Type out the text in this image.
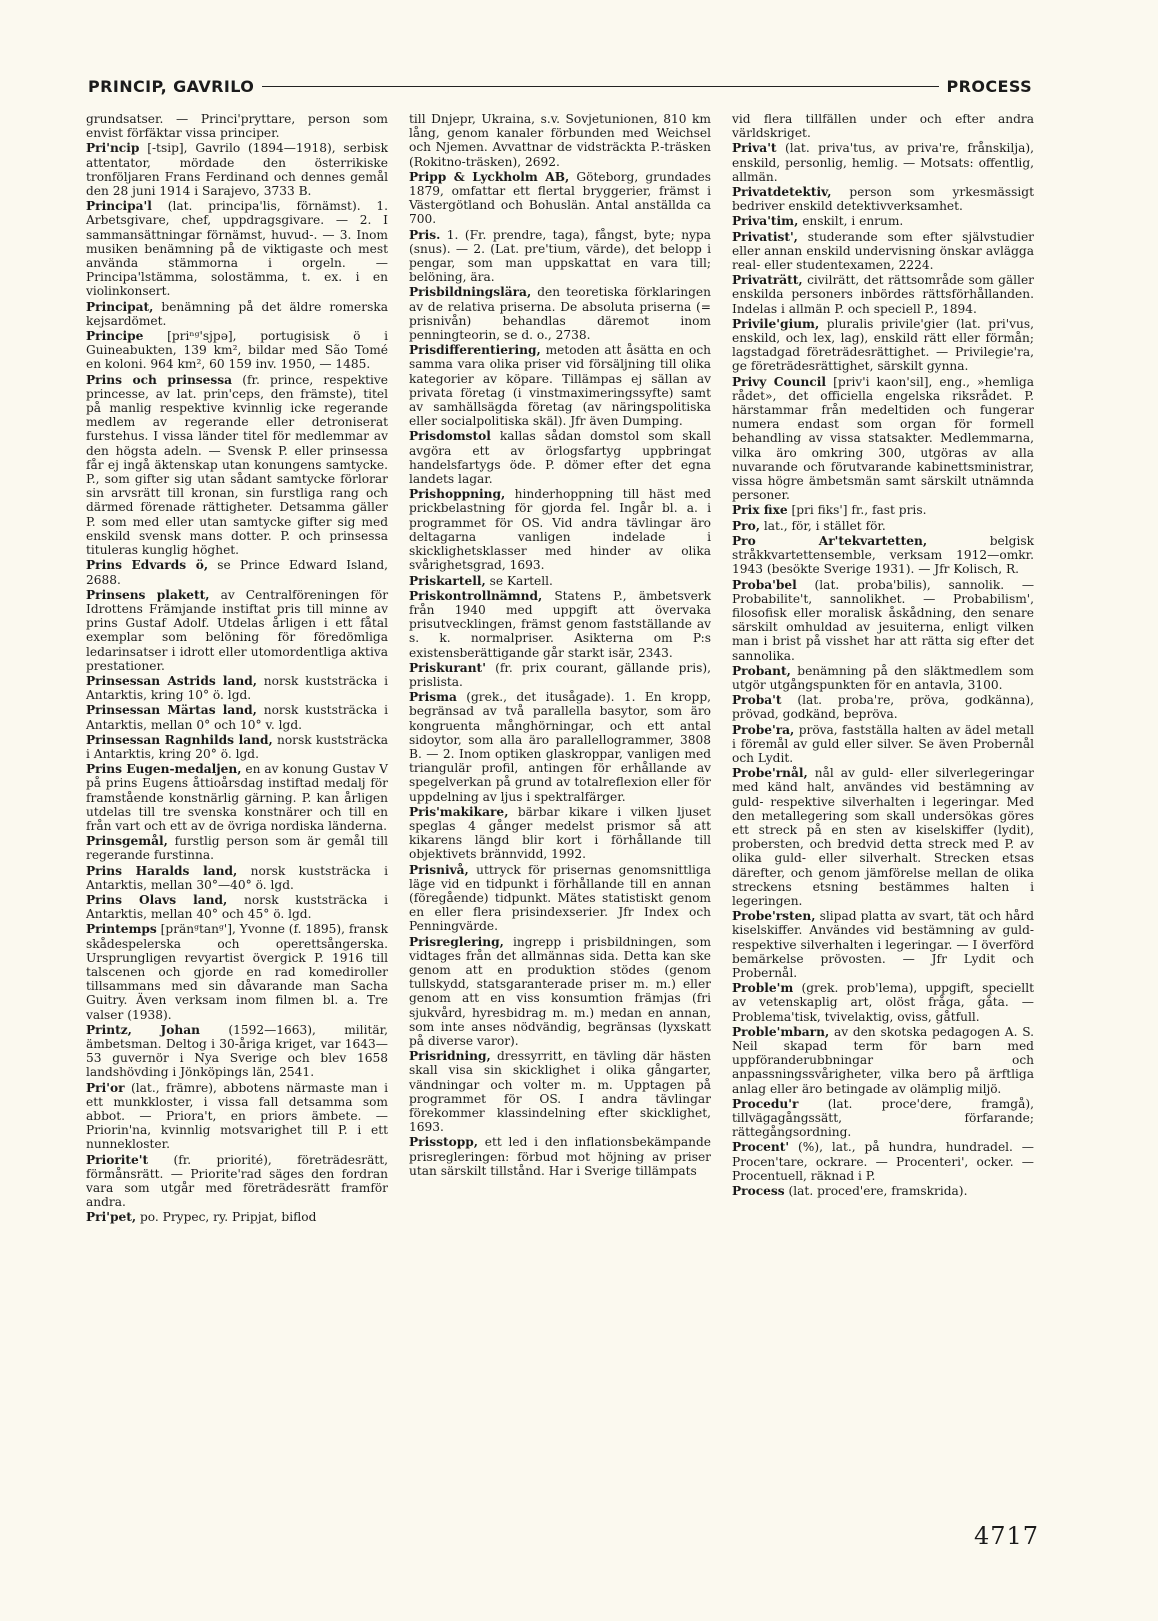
PRINCIP, GAVRILO	PROCESS

grundsatser. — Princi'pryttare, person som envist förfäktar vissa principer.

Pri'ncip [-tsip], Gavrilo (1894—1918), serbisk attentator, mördade den österrikiske tronföljaren Frans Ferdinand och dennes gemål den 28 juni 1914 i Sarajevo, 3733 B.

Principa'l (lat. principa'lis, förnämst). 1. Arbetsgivare, chef, uppdragsgivare. — 2. I sammansättningar förnämst, huvud-. — 3. Inom musiken benämning på de viktigaste och mest använda stämmorna i orgeln. — Principa'lstämma, solostämma, t. ex. i en violinkonsert.

Principat, benämning på det äldre romerska kejsardömet.

Principe [priⁿᵍ'sjpə], portugisisk ö i Guineabukten, 139 km², bildar med São Tomé en koloni. 964 km², 60 159 inv. 1950, — 1485.

Prins och prinsessa (fr. prince, respektive princesse, av lat. prin'ceps, den främste), titel på manlig respektive kvinnlig icke regerande medlem av regerande eller detroniserat furstehus. I vissa länder titel för medlemmar av den högsta adeln. — Svensk P. eller prinsessa får ej ingå äktenskap utan konungens samtycke. P., som gifter sig utan sådant samtycke förlorar sin arvsrätt till kronan, sin furstliga rang och därmed förenade rättigheter. Detsamma gäller P. som med eller utan samtycke gifter sig med enskild svensk mans dotter. P. och prinsessa tituleras kunglig höghet.

Prins Edvards ö, se Prince Edward Island, 2688.

Prinsens plakett, av Centralföreningen för Idrottens Främjande instiftat pris till minne av prins Gustaf Adolf. Utdelas årligen i ett fåtal exemplar som belöning för föredömliga ledarinsatser i idrott eller utomordentliga aktiva prestationer.

Prinsessan Astrids land, norsk kuststräcka i Antarktis, kring 10° ö. lgd.

Prinsessan Märtas land, norsk kuststräcka i Antarktis, mellan 0° och 10° v. lgd.

Prinsessan Ragnhilds land, norsk kuststräcka i Antarktis, kring 20° ö. lgd.

Prins Eugen-medaljen, en av konung Gustav V på prins Eugens åttioårsdag instiftad medalj för framstående konstnärlig gärning. P. kan årligen utdelas till tre svenska konstnärer och till en från vart och ett av de övriga nordiska länderna.

Prinsgemål, furstlig person som är gemål till regerande furstinna.

Prins Haralds land, norsk kuststräcka i Antarktis, mellan 30°—40° ö. lgd.

Prins Olavs land, norsk kuststräcka i Antarktis, mellan 40° och 45° ö. lgd.

Printemps [pränᵍtanᵍ'], Yvonne (f. 1895), fransk skådespelerska och operettsångerska. Ursprungligen revyartist övergick P. 1916 till talscenen och gjorde en rad komediroller tillsammans med sin dåvarande man Sacha Guitry. Även verksam inom filmen bl. a. Tre valser (1938).

Printz, Johan (1592—1663), militär, ämbetsman. Deltog i 30-åriga kriget, var 1643—53 guvernör i Nya Sverige och blev 1658 landshövding i Jönköpings län, 2541.

Pri'or (lat., främre), abbotens närmaste man i ett munkkloster, i vissa fall detsamma som abbot. — Priora't, en priors ämbete. — Priorin'na, kvinnlig motsvarighet till P. i ett nunnekloster.

Priorite't (fr. priorité), företrädesrätt, förmånsrätt. — Priorite'rad säges den fordran vara som utgår med företrädesrätt framför andra.

Pri'pet, po. Prypec, ry. Pripjat, biflod

till Dnjepr, Ukraina, s.v. Sovjetunionen, 810 km lång, genom kanaler förbunden med Weichsel och Njemen. Avvattnar de vidsträckta P.-träsken (Rokitno-träsken), 2692.

Pripp & Lyckholm AB, Göteborg, grundades 1879, omfattar ett flertal bryggerier, främst i Västergötland och Bohuslän. Antal anställda ca 700.

Pris. 1. (Fr. prendre, taga), fångst, byte; nypa (snus). — 2. (Lat. pre'tium, värde), det belopp i pengar, som man uppskattat en vara till; belöning, ära.

Prisbildningslära, den teoretiska förklaringen av de relativa priserna. De absoluta priserna (= prisnivån) behandlas däremot inom penningteorin, se d. o., 2738.

Prisdifferentiering, metoden att åsätta en och samma vara olika priser vid försäljning till olika kategorier av köpare. Tillämpas ej sällan av privata företag (i vinstmaximeringssyfte) samt av samhällsägda företag (av näringspolitiska eller socialpolitiska skäl). Jfr även Dumping.

Prisdomstol kallas sådan domstol som skall avgöra ett av örlogsfartyg uppbringat handelsfartygs öde. P. dömer efter det egna landets lagar.

Prishoppning, hinderhoppning till häst med prickbelastning för gjorda fel. Ingår bl. a. i programmet för OS. Vid andra tävlingar äro deltagarna vanligen indelade i skicklighetsklasser med hinder av olika svårighetsgrad, 1693.

Priskartell, se Kartell.

Priskontrollnämnd, Statens P., ämbetsverk från 1940 med uppgift att övervaka prisutvecklingen, främst genom fastställande av s. k. normalpriser. Asikterna om P:s existensberättigande går starkt isär, 2343.

Priskurant' (fr. prix courant, gällande pris), prislista.

Prisma (grek., det itusågade). 1. En kropp, begränsad av två parallella basytor, som äro kongruenta månghörningar, och ett antal sidoytor, som alla äro parallellogrammer, 3808 B. — 2. Inom optiken glaskroppar, vanligen med triangulär profil, antingen för erhållande av spegelverkan på grund av totalreflexion eller för uppdelning av ljus i spektralfärger.

Pris'makikare, bärbar kikare i vilken ljuset speglas 4 gånger medelst prismor så att kikarens längd blir kort i förhållande till objektivets brännvidd, 1992.

Prisnivå, uttryck för prisernas genomsnittliga läge vid en tidpunkt i förhållande till en annan (föregående) tidpunkt. Mätes statistiskt genom en eller flera prisindexserier. Jfr Index och Penningvärde.

Prisreglering, ingrepp i prisbildningen, som vidtages från det allmännas sida. Detta kan ske genom att en produktion stödes (genom tullskydd, statsgaranterade priser m. m.) eller genom att en viss konsumtion främjas (fri sjukvård, hyresbidrag m. m.) medan en annan, som inte anses nödvändig, begränsas (lyxskatt på diverse varor).

Prisridning, dressyrritt, en tävling där hästen skall visa sin skicklighet i olika gångarter, vändningar och volter m. m. Upptagen på programmet för OS. I andra tävlingar förekommer klassindelning efter skicklighet, 1693.

Prisstopp, ett led i den inflationsbekämpande prisregleringen: förbud mot höjning av priser utan särskilt tillstånd. Har i Sverige tillämpats

vid flera tillfällen under och efter andra världskriget.

Priva't (lat. priva'tus, av priva're, frånskilja), enskild, personlig, hemlig. — Motsats: offentlig, allmän.

Privatdetektiv, person som yrkesmässigt bedriver enskild detektivverksamhet.

Priva'tim, enskilt, i enrum.

Privatist', studerande som efter självstudier eller annan enskild undervisning önskar avlägga real- eller studentexamen, 2224.

Privaträtt, civilrätt, det rättsområde som gäller enskilda personers inbördes rättsförhållanden. Indelas i allmän P. och speciell P., 1894.

Privile'gium, pluralis privile'gier (lat. pri'vus, enskild, och lex, lag), enskild rätt eller förmån; lagstadgad företrädesrättighet. — Privilegie'ra, ge företrädesrättighet, särskilt gynna.

Privy Council [priv'i kaon'sil], eng., »hemliga rådet», det officiella engelska riksrådet. P. härstammar från medeltiden och fungerar numera endast som organ för formell behandling av vissa statsakter. Medlemmarna, vilka äro omkring 300, utgöras av alla nuvarande och förutvarande kabinettsministrar, vissa högre ämbetsmän samt särskilt utnämnda personer.

Prix fixe [pri fiks'] fr., fast pris.

Pro, lat., för, i stället för.

Pro Ar'tekvartetten,	belgisk stråkkvartettensemble, verksam 1912—omkr. 1943 (besökte Sverige 1931). — Jfr Kolisch, R.

Proba'bel (lat. proba'bilis), sannolik. — Probabilite't, sannolikhet. — Probabilism', filosofisk eller moralisk åskådning, den senare särskilt omhuldad av jesuiterna, enligt vilken man i brist på visshet har att rätta sig efter det sannolika.

Probant, benämning på den släktmedlem som utgör utgångspunkten för en antavla, 3100.

Proba't (lat. proba're, pröva, godkänna), prövad, godkänd, beprövа.

Probe'ra, pröva, fastställa halten av ädel metall i föremål av guld eller silver. Se även Probernål och Lydit.

Probe'rnål, nål av guld- eller silverlegeringar med känd halt, användes vid bestämning av guld- respektive silverhalten i legeringar. Med den metallegering som skall undersökas göres ett streck på en sten av kiselskiffer (lydit), probersten, och bredvid detta streck med P. av olika guld- eller silverhalt. Strecken etsas därefter, och genom jämförelse mellan de olika streckens etsning bestämmes halten i legeringen.

Probe'rsten, slipad platta av svart, tät och hård kiselskiffer. Användes vid bestämning av guld- respektive silverhalten i legeringar. — I överförd bemärkelse prövosten. — Jfr Lydit och Probernål.

Proble'm (grek. prob'lema), uppgift, speciellt av vetenskaplig art, olöst fråga, gåta. — Problema'tisk, tvivelaktig, oviss, gåtfull.

Proble'mbarn, av den skotska pedagogen A. S. Neil skapad term för barn med uppföranderubbningar och anpassningssvårigheter, vilka bero på ärftliga anlag eller äro betingade av olämplig miljö.

Procedu'r (lat. proce'dere, framgå), tillvägagångssätt, förfarande; rättegångsordning.

Procent' (%), lat., på hundra, hundradel. — Procen'tare, ockrare. — Procenteri', ocker. — Procentuell, räknad i P.

Process (lat. proced'ere, framskrida).

4717
